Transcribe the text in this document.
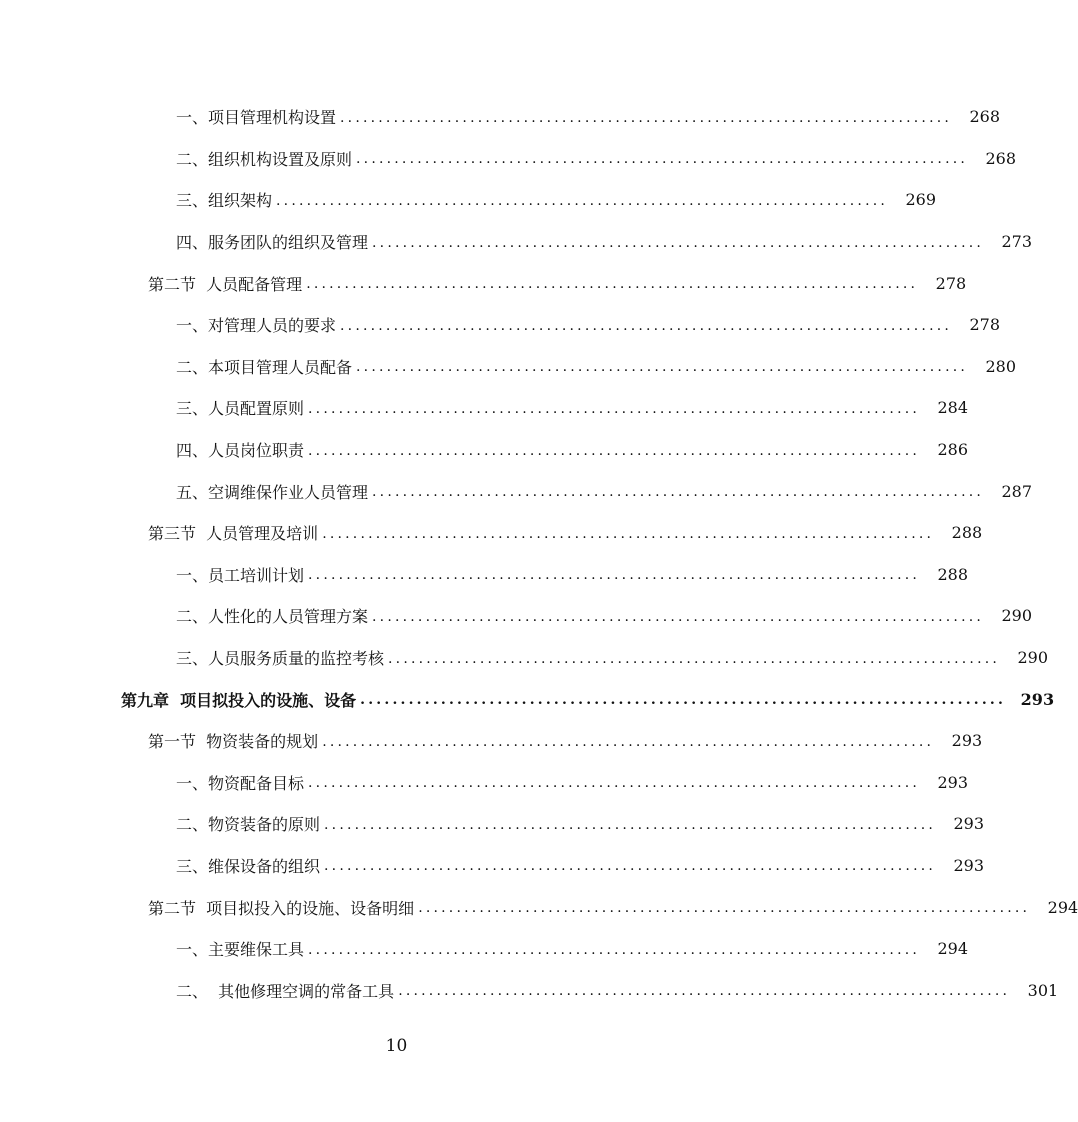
一、项目管理机构设置 ................................................................................	268
二、组织机构设置及原则 ................................................................................	268
三、组织架构 ................................................................................	269
四、服务团队的组织及管理 ................................................................................	273
第二节  人员配备管理 ................................................................................	278
一、对管理人员的要求 ................................................................................	278
二、本项目管理人员配备 ................................................................................	280
三、人员配置原则 ................................................................................	284
四、人员岗位职责 ................................................................................	286
五、空调维保作业人员管理 ................................................................................	287
第三节  人员管理及培训 ................................................................................	288
一、员工培训计划 ................................................................................	288
二、人性化的人员管理方案 ................................................................................	290
三、人员服务质量的监控考核 ................................................................................	290
第九章  项目拟投入的设施、设备 ................................................................................ 293
第一节  物资装备的规划 ................................................................................	293
一、物资配备目标 ................................................................................	293
二、物资装备的原则 ................................................................................	293
三、维保设备的组织 ................................................................................	293
第二节  项目拟投入的设施、设备明细 ................................................................................	294
一、主要维保工具 ................................................................................	294
二、  其他修理空调的常备工具 ................................................................................	301
10
